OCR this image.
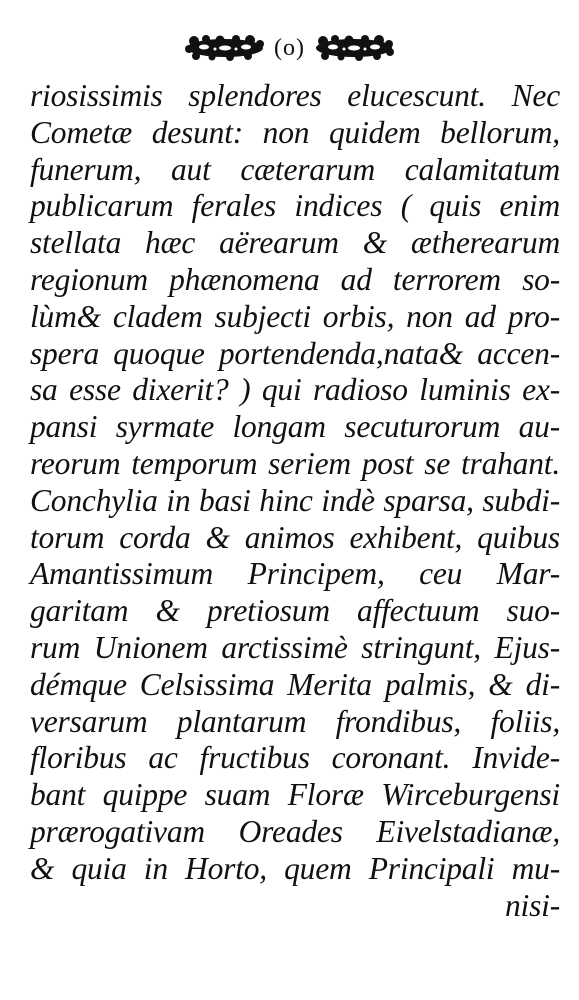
(o)
riosissimis splendores elucescunt. Nec
Cometæ desunt: non quidem bellorum,
funerum, aut cæterarum calamitatum
publicarum ferales indices ( quis enim
stellata hæc aërearum & ætherearum
regionum phænomena ad terrorem so-
lùm& cladem subjecti orbis, non ad pro-
spera quoque portendenda,nata& accen-
sa esse dixerit? ) qui radioso luminis ex-
pansi syrmate longam secuturorum au-
reorum temporum seriem post se trahant.
Conchylia in basi hinc indè sparsa, subdi-
torum corda & animos exhibent, quibus
Amantissimum Principem, ceu Mar-
garitam & pretiosum affectuum suo-
rum Unionem arctissimè stringunt, Ejus-
démque Celsissima Merita palmis, & di-
versarum plantarum frondibus, foliis,
floribus ac fructibus coronant. Invide-
bant quippe suam Floræ Wirceburgensi
prærogativam Oreades Eivelstadianæ,
& quia in Horto, quem Principali mu-
nisi-
